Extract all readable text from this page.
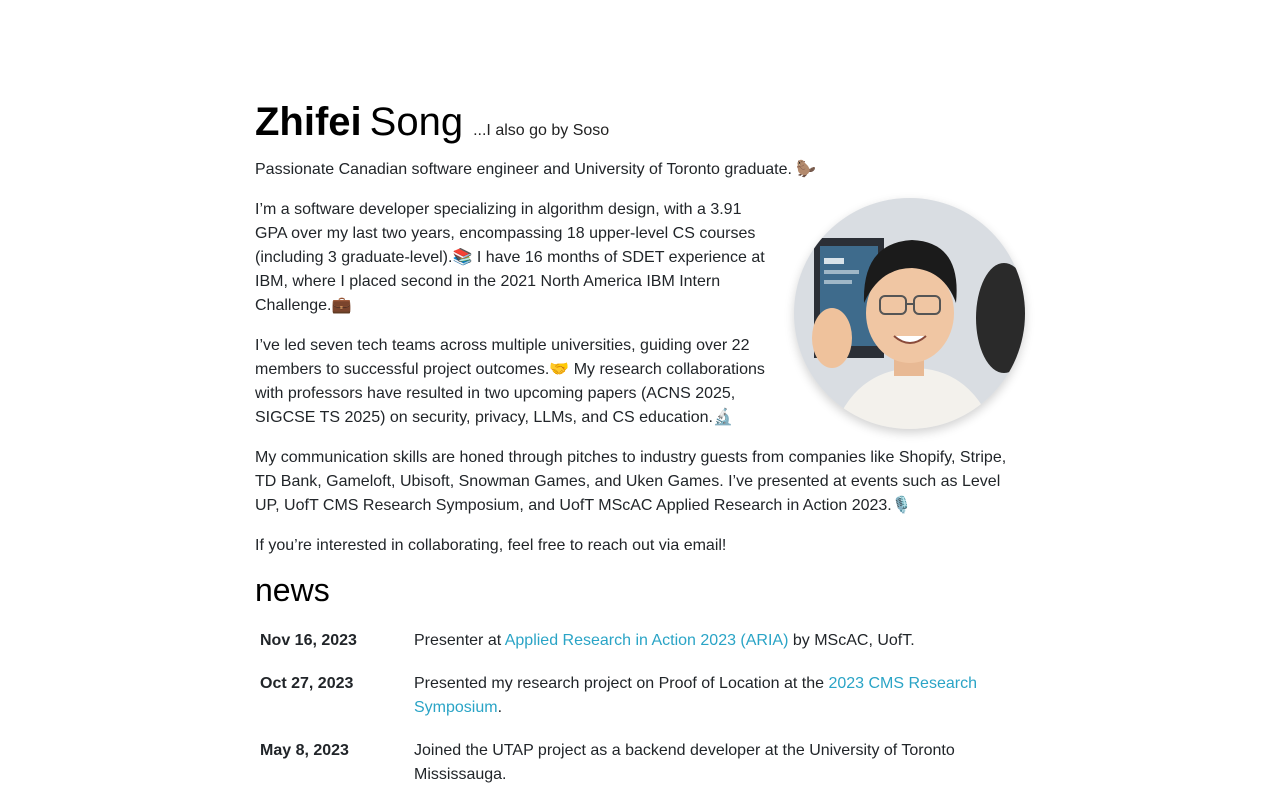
Zhifei Song ...I also go by Soso
Passionate Canadian software engineer and University of Toronto graduate. 🦫
I’m a software developer specializing in algorithm design, with a 3.91 GPA over my last two years, encompassing 18 upper-level CS courses (including 3 graduate-level).📚 I have 16 months of SDET experience at IBM, where I placed second in the 2021 North America IBM Intern Challenge.💼
I’ve led seven tech teams across multiple universities, guiding over 22 members to successful project outcomes.🤝 My research collaborations with professors have resulted in two upcoming papers (ACNS 2025, SIGCSE TS 2025) on security, privacy, LLMs, and CS education.🔬
My communication skills are honed through pitches to industry guests from companies like Shopify, Stripe, TD Bank, Gameloft, Ubisoft, Snowman Games, and Uken Games. I’ve presented at events such as Level UP, UofT CMS Research Symposium, and UofT MScAC Applied Research in Action 2023.🎙️
If you’re interested in collaborating, feel free to reach out via email!
news
Nov 16, 2023	Presenter at Applied Research in Action 2023 (ARIA) by MScAC, UofT.
Oct 27, 2023	Presented my research project on Proof of Location at the 2023 CMS Research Symposium.
May 8, 2023	Joined the UTAP project as a backend developer at the University of Toronto Mississauga.
